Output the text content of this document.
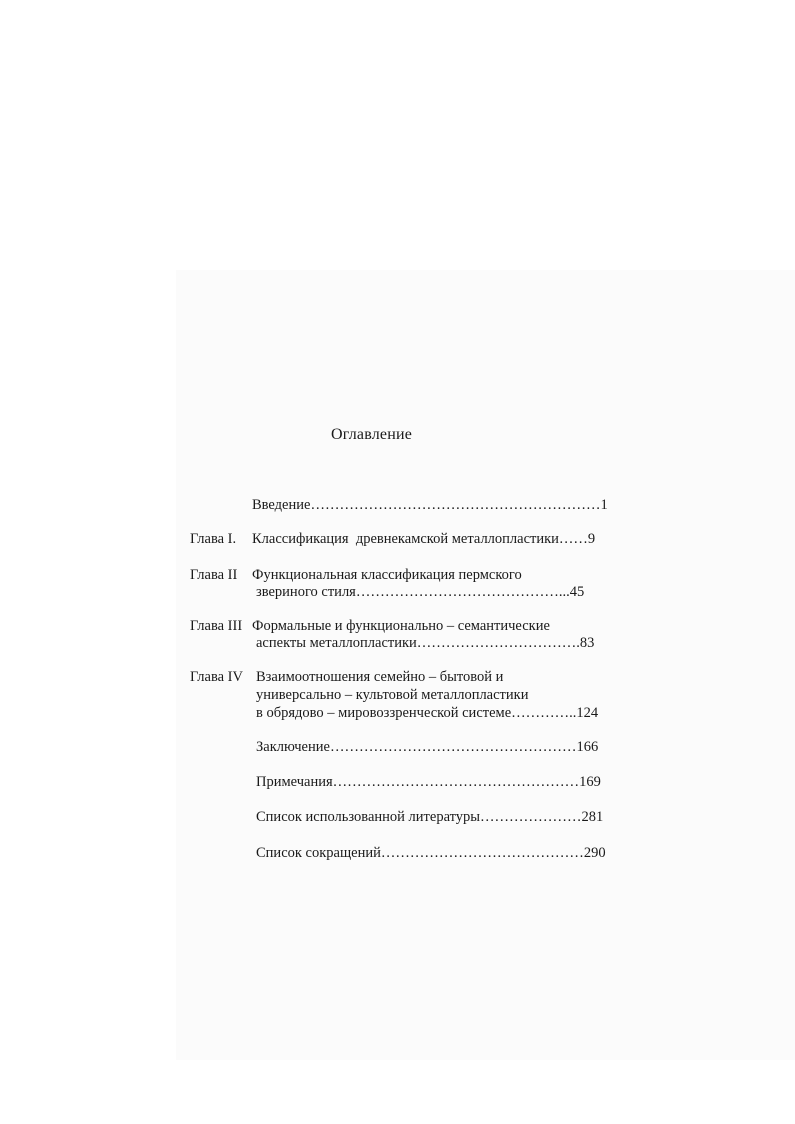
Оглавление
Введение……………………………………………………1
Глава I. Классификация  древнекамской металлопластики……9
Глава II Функциональная классификация пермского
звериного стиля……………………………………...45
Глава III Формальные и функционально – семантические
аспекты металлопластики…………………………….83
Глава IV Взаимоотношения семейно – бытовой и
универсально – культовой металлопластики
в обрядово – мировоззренческой системе…………..124
Заключение……………………………………………166
Примечания……………………………………………169
Список использованной литературы…………………281
Список сокращений……………………………………290
